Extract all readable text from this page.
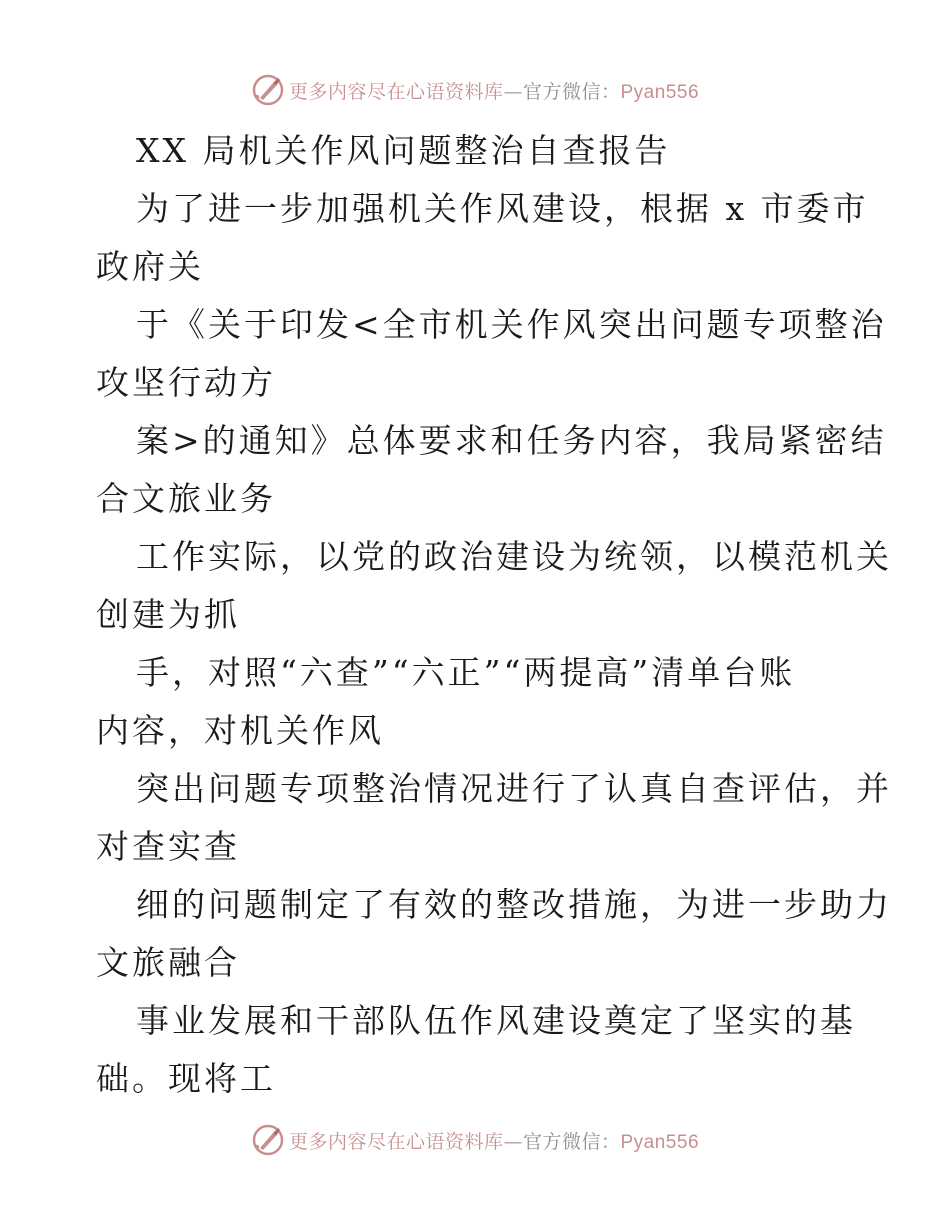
更多内容尽在心语资料库—官方微信：Pyan556
XX 局机关作风问题整治自查报告
为了进一步加强机关作风建设，根据 x 市委市
政府关
于《关于印发<全市机关作风突出问题专项整治
攻坚行动方
案>的通知》总体要求和任务内容，我局紧密结
合文旅业务
工作实际，以党的政治建设为统领，以模范机关
创建为抓
手，对照“六查”“六正”“两提高”清单台账
内容，对机关作风
突出问题专项整治情况进行了认真自查评估，并
对查实查
细的问题制定了有效的整改措施，为进一步助力
文旅融合
事业发展和干部队伍作风建设奠定了坚实的基
础。现将工
更多内容尽在心语资料库—官方微信：Pyan556
